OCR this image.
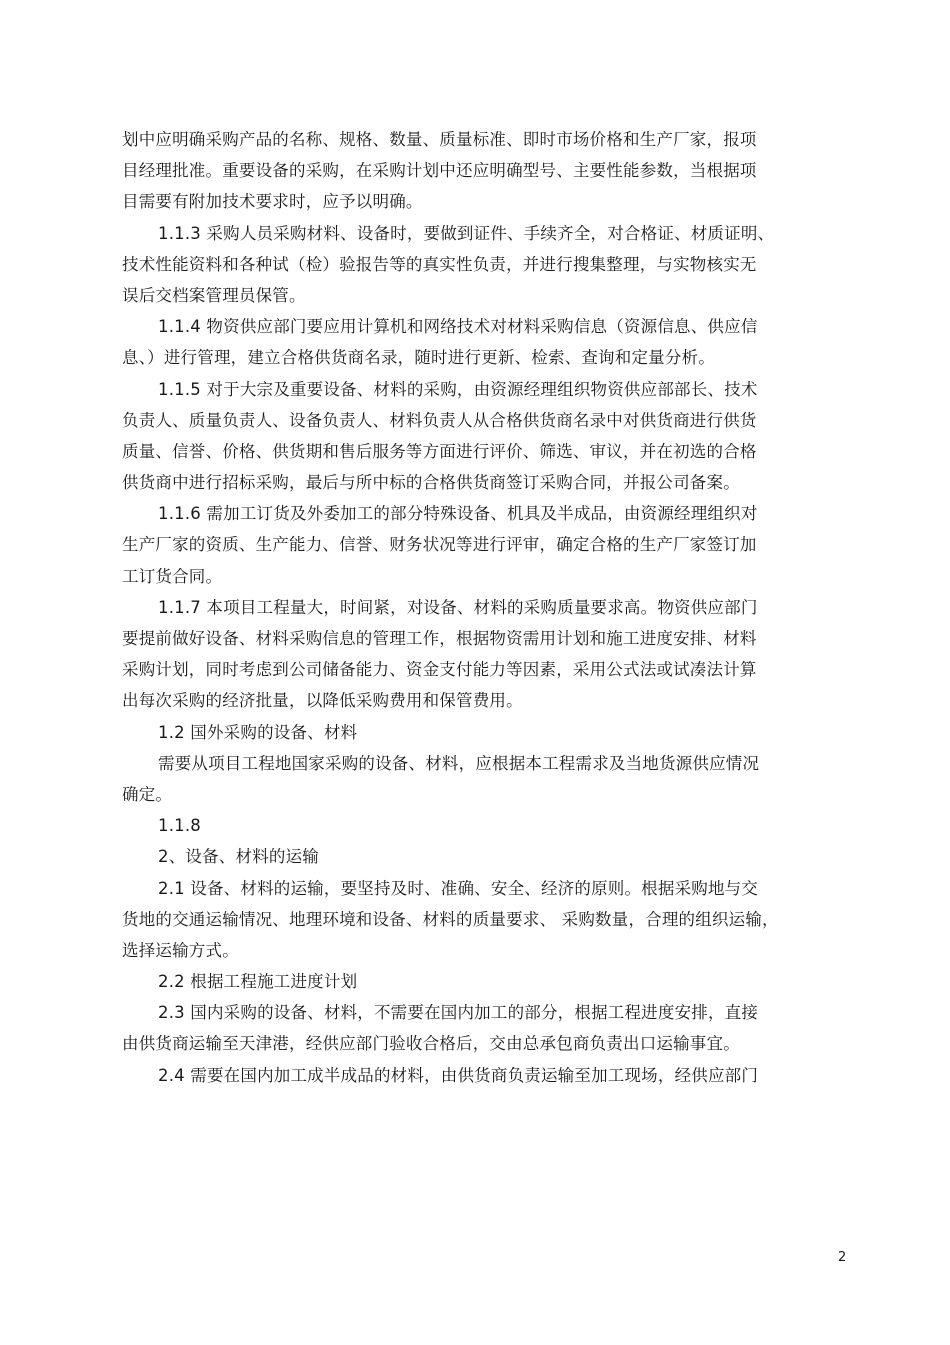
划中应明确采购产品的名称、规格、数量、质量标准、即时市场价格和生产厂家，报项
目经理批准。重要设备的采购，在采购计划中还应明确型号、主要性能参数，当根据项
目需要有附加技术要求时，应予以明确。
1.1.3 采购人员采购材料、设备时，要做到证件、手续齐全，对合格证、材质证明、
技术性能资料和各种试（检）验报告等的真实性负责，并进行搜集整理，与实物核实无
误后交档案管理员保管。
1.1.4 物资供应部门要应用计算机和网络技术对材料采购信息（资源信息、供应信
息、）进行管理，建立合格供货商名录，随时进行更新、检索、查询和定量分析。
1.1.5 对于大宗及重要设备、材料的采购，由资源经理组织物资供应部部长、技术
负责人、质量负责人、设备负责人、材料负责人从合格供货商名录中对供货商进行供货
质量、信誉、价格、供货期和售后服务等方面进行评价、筛选、审议，并在初选的合格
供货商中进行招标采购，最后与所中标的合格供货商签订采购合同，并报公司备案。
1.1.6 需加工订货及外委加工的部分特殊设备、机具及半成品，由资源经理组织对
生产厂家的资质、生产能力、信誉、财务状况等进行评审，确定合格的生产厂家签订加
工订货合同。
1.1.7 本项目工程量大，时间紧，对设备、材料的采购质量要求高。物资供应部门
要提前做好设备、材料采购信息的管理工作，根据物资需用计划和施工进度安排、材料
采购计划，同时考虑到公司储备能力、资金支付能力等因素，采用公式法或试凑法计算
出每次采购的经济批量，以降低采购费用和保管费用。
1.2 国外采购的设备、材料
需要从项目工程地国家采购的设备、材料，应根据本工程需求及当地货源供应情况
确定。
1.1.8
2、设备、材料的运输
2.1 设备、材料的运输，要坚持及时、准确、安全、经济的原则。根据采购地与交
货地的交通运输情况、地理环境和设备、材料的质量要求、 采购数量，合理的组织运输，
选择运输方式。
2.2 根据工程施工进度计划
2.3 国内采购的设备、材料，不需要在国内加工的部分，根据工程进度安排，直接
由供货商运输至天津港，经供应部门验收合格后，交由总承包商负责出口运输事宜。
2.4 需要在国内加工成半成品的材料，由供货商负责运输至加工现场，经供应部门
2
